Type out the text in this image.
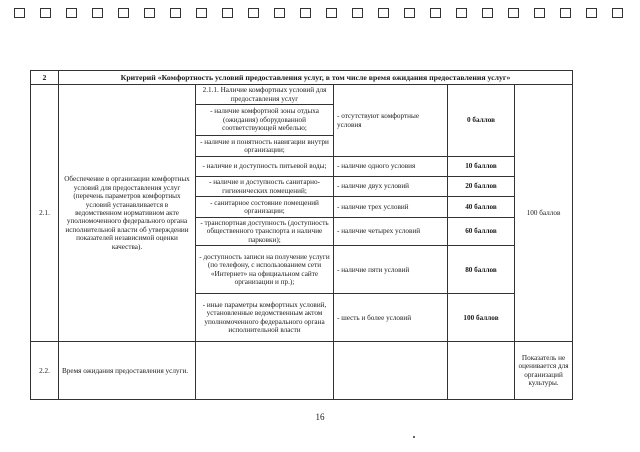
2	Критерий «Комфортность условий предоставления услуг, в том числе время ожидания предоставления услуг»				
2.1.	Обеспечение в организации комфортных условий для предоставления услуг (перечень параметров комфортных условий устанавливается в ведомственном нормативном акте уполномоченного федерального органа исполнительной власти об утверждении показателей независимой оценки качества).	2.1.1. Наличие комфортных условий для предоставления услуг	- отсутствуют комфортные условия	0 баллов	100 баллов
		- наличие комфортной зоны отдыха (ожидания) оборудованной соответствующей мебелью;			
		- наличие и понятность навигации внутри организации;			
		- наличие и доступность питьевой воды;	- наличие одного условия	10 баллов	
		- наличие и доступность санитарно-гигиенических помещений;	- наличие двух условий	20 баллов	
		- санитарное состояние помещений организации;	- наличие трех условий	40 баллов	
		- транспортная доступность (доступность общественного транспорта и наличие парковки);	- наличие четырех условий	60 баллов	
		- доступность записи на получение услуги (по телефону, с использованием сети «Интернет» на официальном сайте организации и пр.);	- наличие пяти условий	80 баллов	
		- иные параметры комфортных условий, установленные ведомственным актом уполномоченного федерального органа исполнительной власти	- шесть и более условий	100 баллов	
2.2.	Время ожидания предоставления услуги.				Показатель не оценивается для организаций культуры.
16
